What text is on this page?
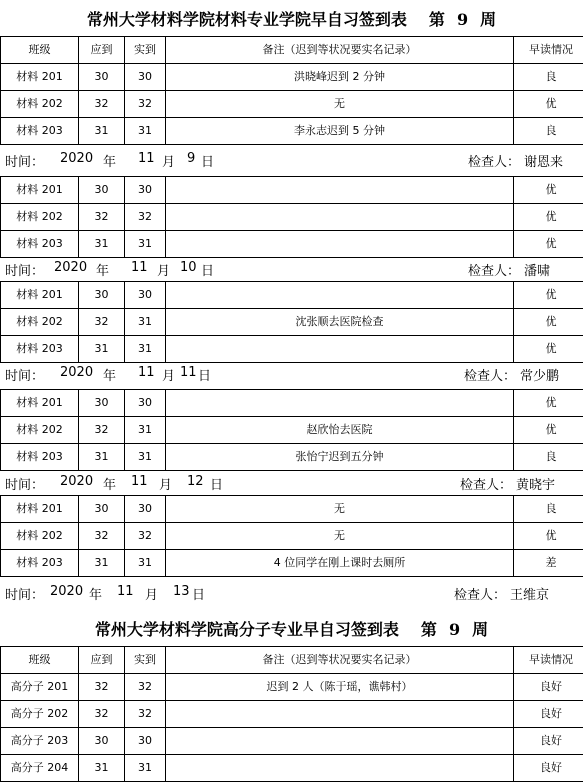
常州大学材料学院材料专业学院早自习签到表 第 9 周
班级	应到	实到	备注（迟到等状况要实名记录）	早读情况
材料 201	30	30	洪晓峰迟到 2 分钟	良
材料 202	32	32	无	优
材料 203	31	31	李永志迟到 5 分钟	良
时间： 2020 年 11 月 9 日	检查人： 谢恩来
材料 201	30	30		优
材料 202	32	32		优
材料 203	31	31		优
时间： 2020 年 11 月 10 日	检查人： 潘啸
材料 201	30	30		优
材料 202	32	31	沈张顺去医院检查	优
材料 203	31	31		优
时间： 2020 年 11 月 11 日	检查人： 常少鹏
材料 201	30	30		优
材料 202	32	31	赵欣怡去医院	优
材料 203	31	31	张怡宁迟到五分钟	良
时间： 2020 年 11 月 12 日	检查人： 黄晓宇
材料 201	30	30	无	良
材料 202	32	32	无	优
材料 203	31	31	4 位同学在刚上课时去厕所	差
时间： 2020 年 11 月 13 日	检查人： 王维京
常州大学材料学院高分子专业早自习签到表 第 9 周
班级	应到	实到	备注（迟到等状况要实名记录）	早读情况
高分子 201	32	32	迟到 2 人（陈于瑶，谯韩村）	良好
高分子 202	32	32		良好
高分子 203	30	30		良好
高分子 204	31	31		良好
